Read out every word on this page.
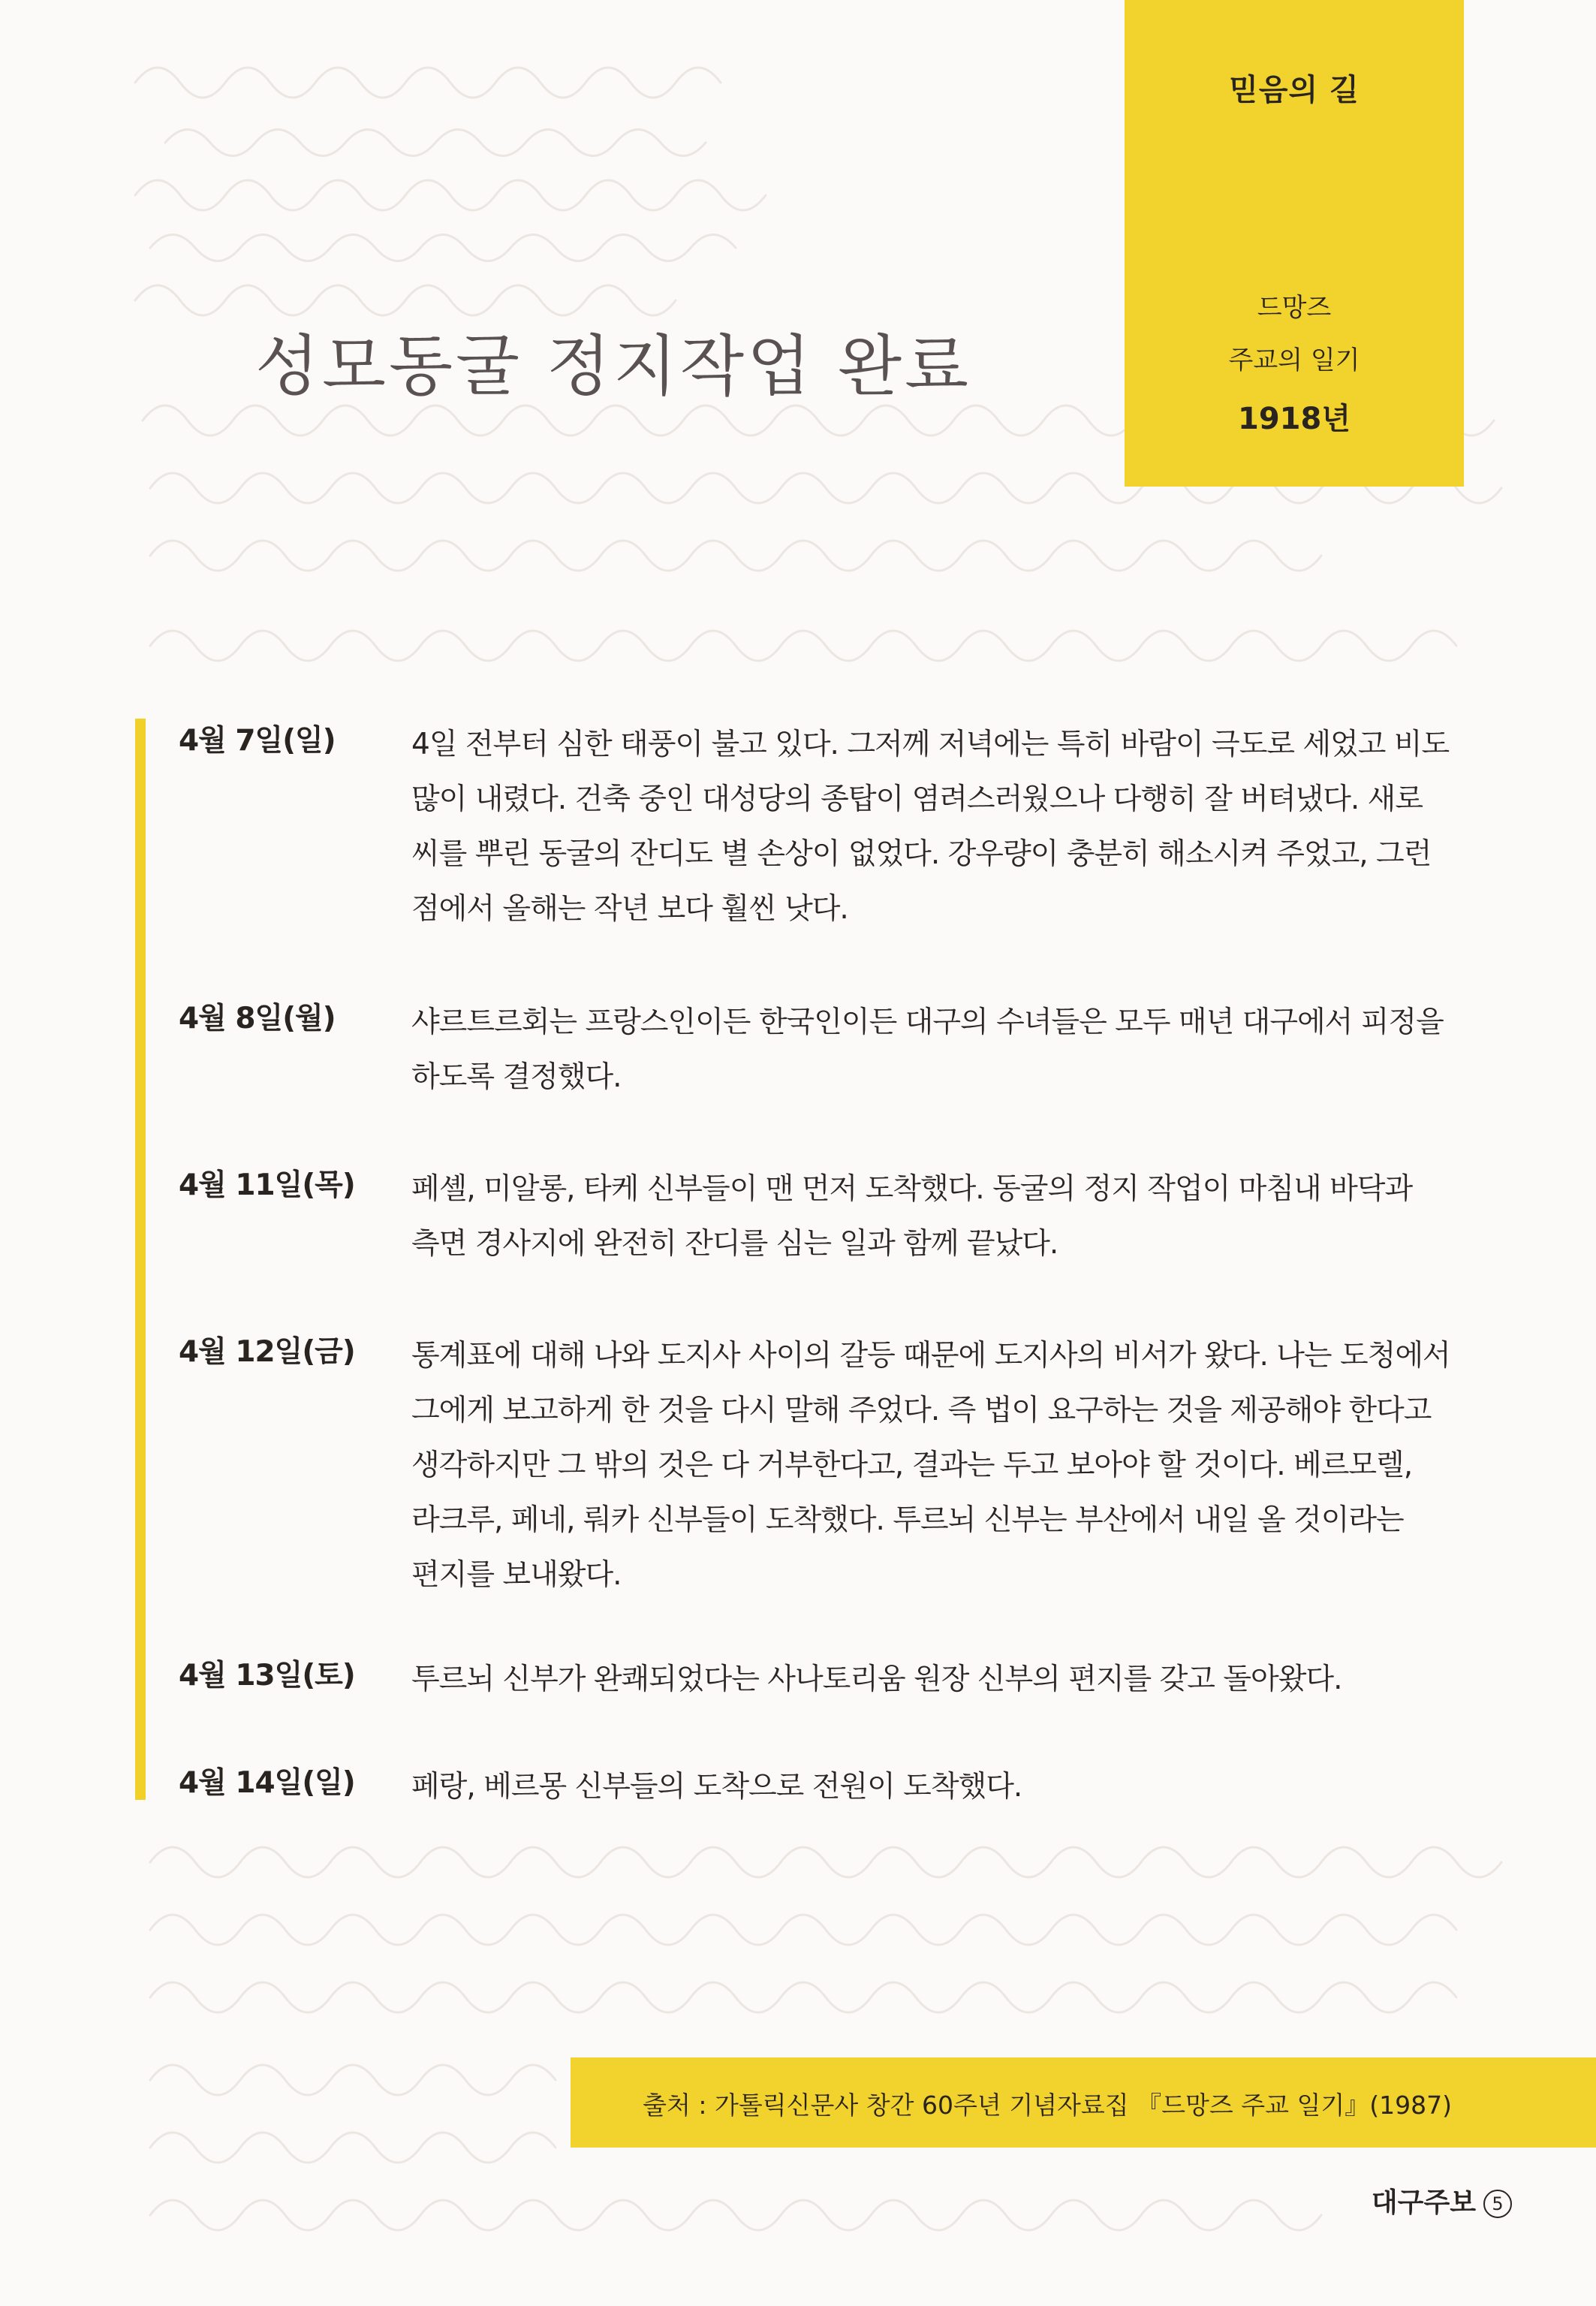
믿음의 길
드망즈
주교의 일기
1918년
성모동굴 정지작업 완료
4월 7일(일)	4일 전부터 심한 태풍이 불고 있다. 그저께 저녁에는 특히 바람이 극도로 세었고 비도 많이 내렸다. 건축 중인 대성당의 종탑이 염려스러웠으나 다행히 잘 버텨냈다. 새로 씨를 뿌린 동굴의 잔디도 별 손상이 없었다. 강우량이 충분히 해소시켜 주었고, 그런 점에서 올해는 작년 보다 훨씬 낫다.
4월 8일(월)	샤르트르회는 프랑스인이든 한국인이든 대구의 수녀들은 모두 매년 대구에서 피정을 하도록 결정했다.
4월 11일(목)	페셸, 미알롱, 타케 신부들이 맨 먼저 도착했다. 동굴의 정지 작업이 마침내 바닥과 측면 경사지에 완전히 잔디를 심는 일과 함께 끝났다.
4월 12일(금)	통계표에 대해 나와 도지사 사이의 갈등 때문에 도지사의 비서가 왔다. 나는 도청에서 그에게 보고하게 한 것을 다시 말해 주었다. 즉 법이 요구하는 것을 제공해야 한다고 생각하지만 그 밖의 것은 다 거부한다고, 결과는 두고 보아야 할 것이다. 베르모렐, 라크루, 페네, 뤄카 신부들이 도착했다. 투르뇌 신부는 부산에서 내일 올 것이라는 편지를 보내왔다.
4월 13일(토)	투르뇌 신부가 완쾌되었다는 사나토리움 원장 신부의 편지를 갖고 돌아왔다.
4월 14일(일)	페랑, 베르몽 신부들의 도착으로 전원이 도착했다.
출처 : 가톨릭신문사 창간 60주년 기념자료집 『드망즈 주교 일기』(1987)
대구주보 5
